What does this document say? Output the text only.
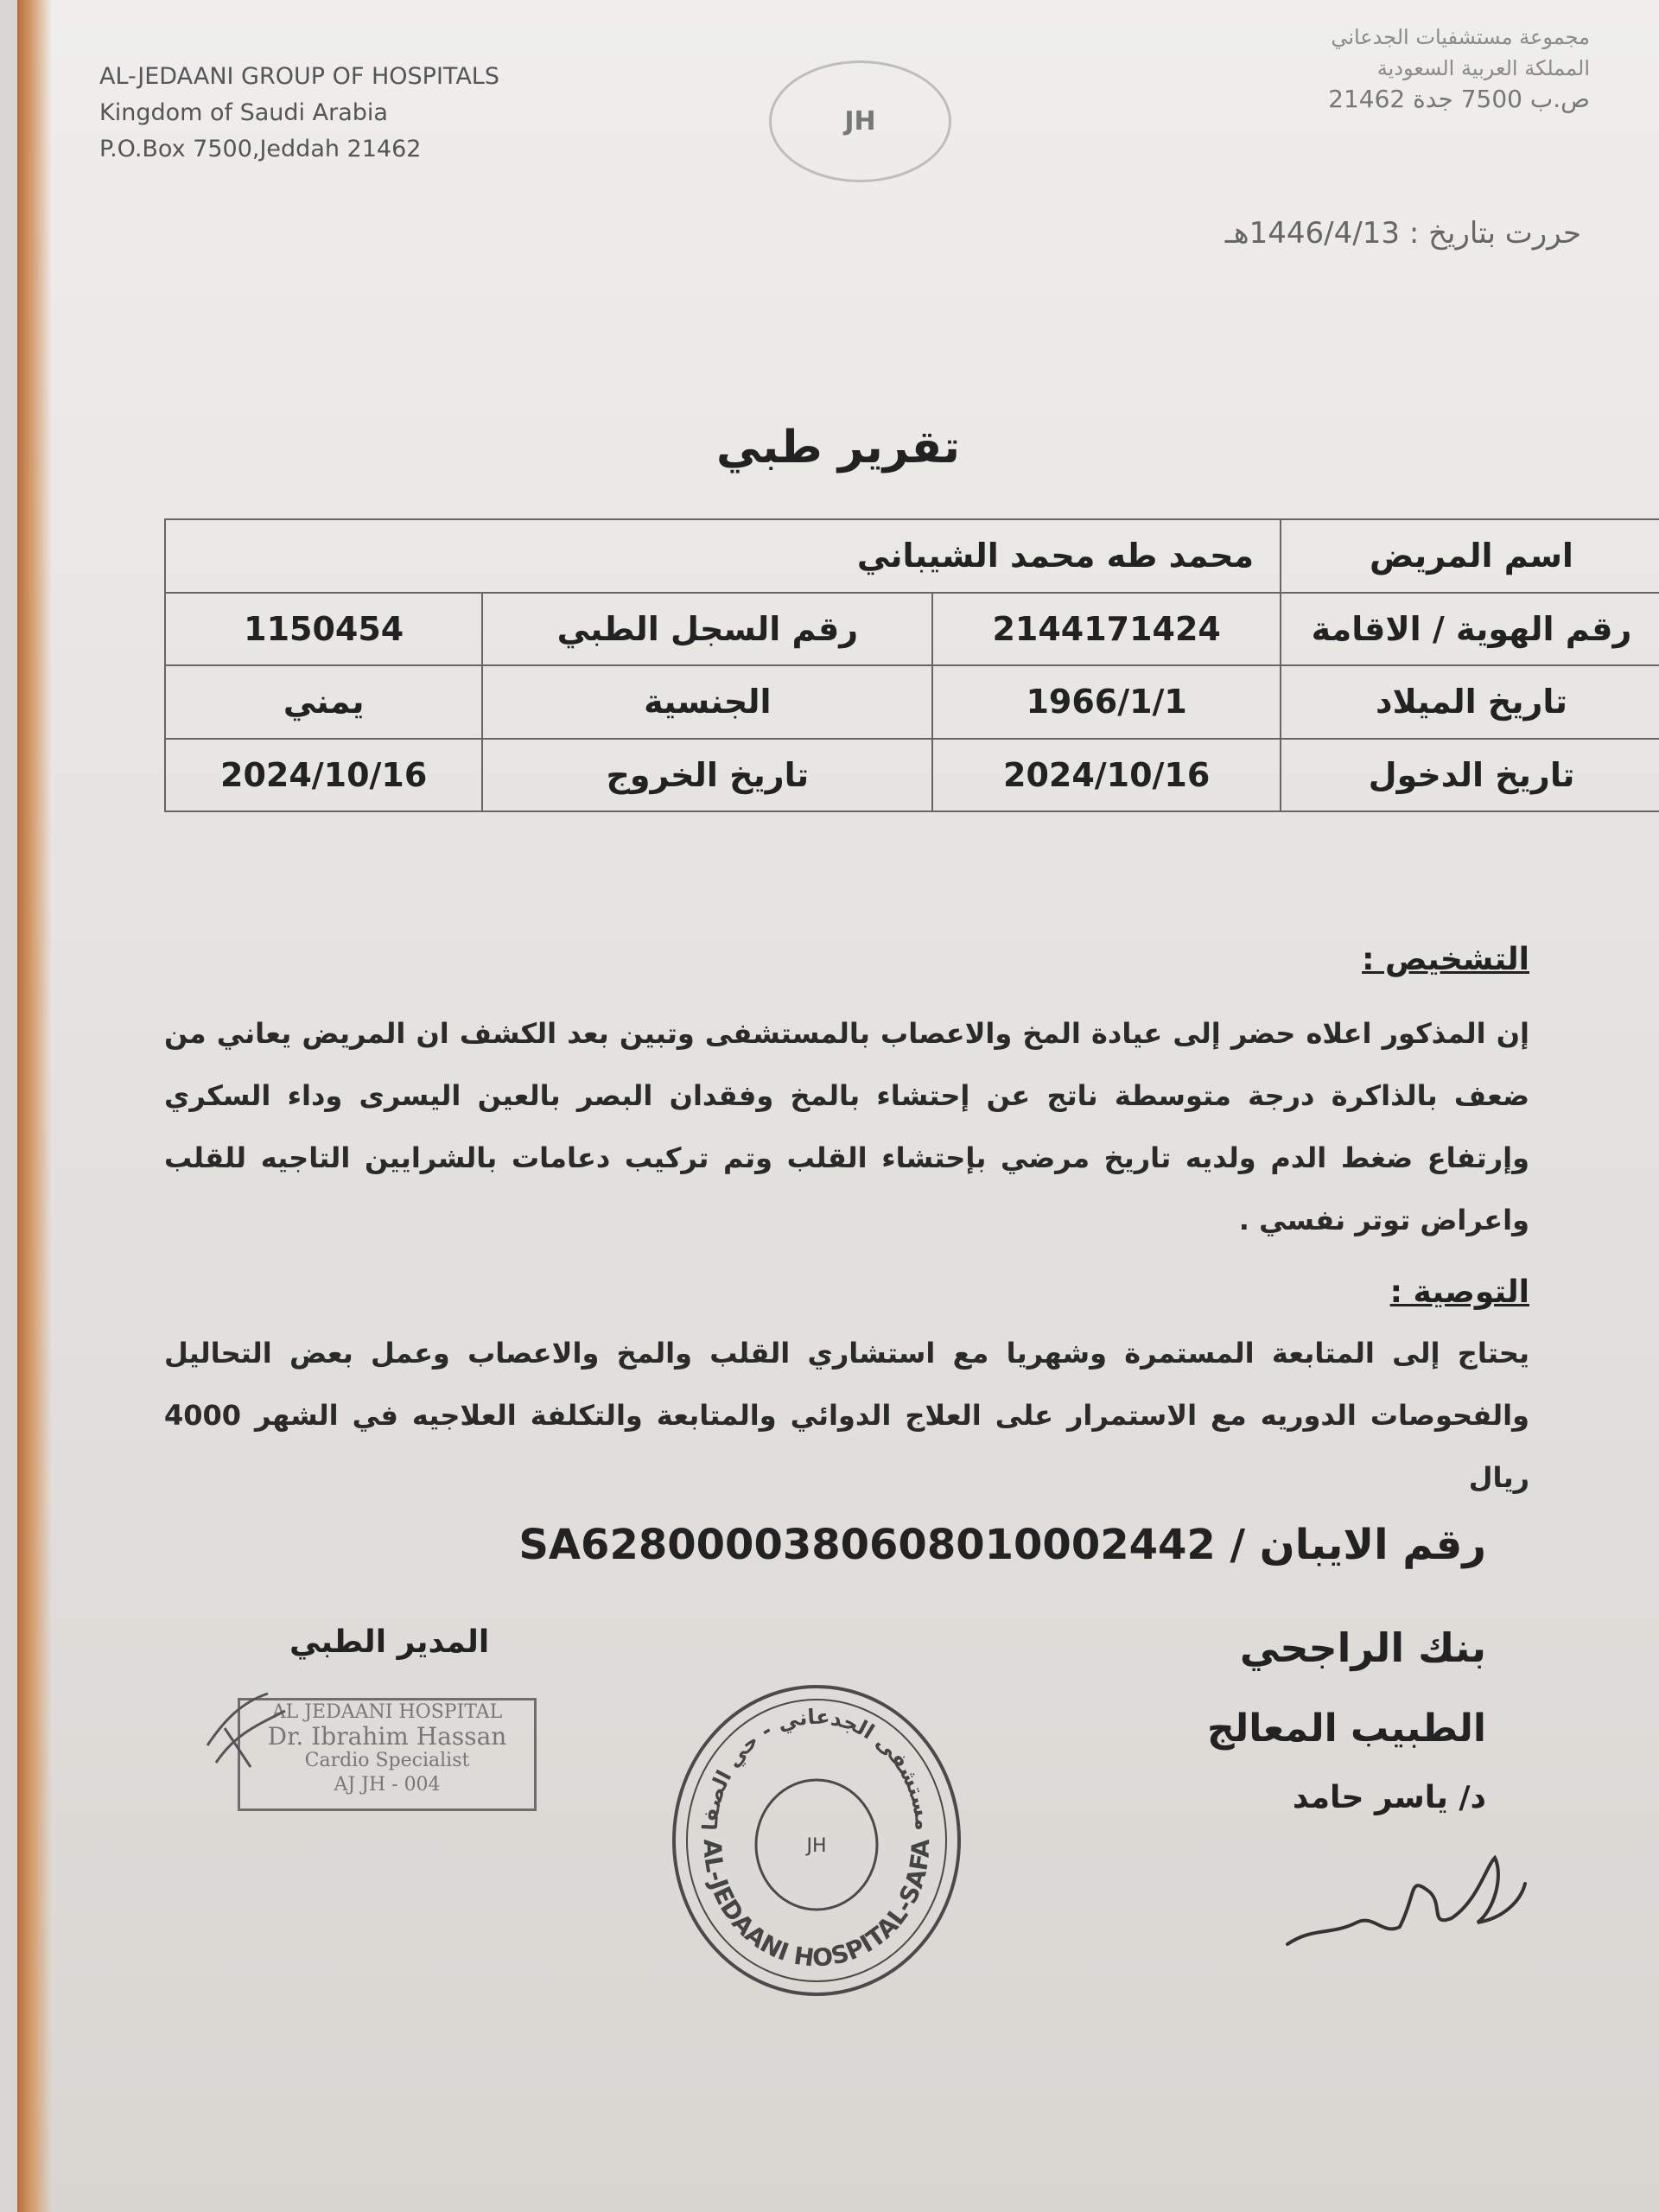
AL-JEDAANI GROUP OF HOSPITALS
Kingdom of Saudi Arabia
P.O.Box 7500,Jeddah 21462
JH
مجموعة مستشفيات الجدعاني
المملكة العربية السعودية
ص.ب 7500 جدة 21462
حررت بتاريخ : 1446/4/13هـ
تقرير طبي
اسم المريض	محمد طه محمد الشيباني		
رقم الهوية / الاقامة	2144171424	رقم السجل الطبي	1150454
تاريخ الميلاد	1966/1/1	الجنسية	يمني
تاريخ الدخول	2024/10/16	تاريخ الخروج	2024/10/16
التشخيص :
إن المذكور اعلاه حضر إلى عيادة المخ والاعصاب بالمستشفى وتبين بعد الكشف ان المريض يعاني من ضعف بالذاكرة درجة متوسطة ناتج عن إحتشاء بالمخ وفقدان البصر بالعين اليسرى وداء السكري وإرتفاع ضغط الدم ولديه تاريخ مرضي بإحتشاء القلب وتم تركيب دعامات بالشرايين التاجيه للقلب واعراض توتر نفسي .
التوصية :
يحتاج إلى المتابعة المستمرة وشهريا مع استشاري القلب والمخ والاعصاب وعمل بعض التحاليل والفحوصات الدوريه مع الاستمرار على العلاج الدوائي والمتابعة والتكلفة العلاجيه في الشهر 4000 ريال
رقم الايبان / SA6280000380608010002442
بنك الراجحي
الطبيب المعالج
د/ ياسر حامد
المدير الطبي
AL JEDAANI HOSPITAL
Dr. Ibrahim Hassan
Cardio Specialist
AJ JH - 004
JH
AL-JEDAANI HOSPITAL-SAFA
مستشفى الجدعاني - حي الصفا
